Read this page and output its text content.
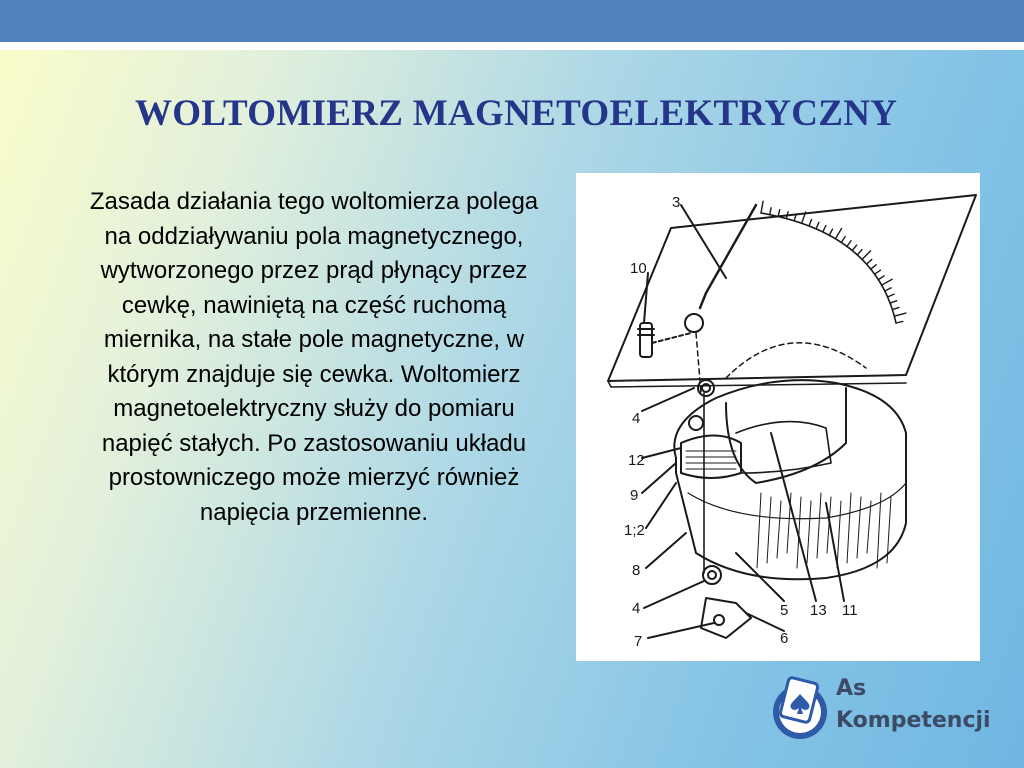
WOLTOMIERZ MAGNETOELEKTRYCZNY

Zasada działania tego woltomierza polega na oddziaływaniu pola magnetycznego, wytworzonego przez prąd płynący przez cewkę, nawiniętą na część ruchomą miernika, na stałe pole magnetyczne, w którym znajduje się cewka. Woltomierz magnetoelektryczny służy do pomiaru napięć stałych. Po zastosowaniu układu prostowniczego może mierzyć również napięcia przemienne.

3
10
4
12
9
1;2
8
4
7
5 13 11
6
As
Kompetencji
